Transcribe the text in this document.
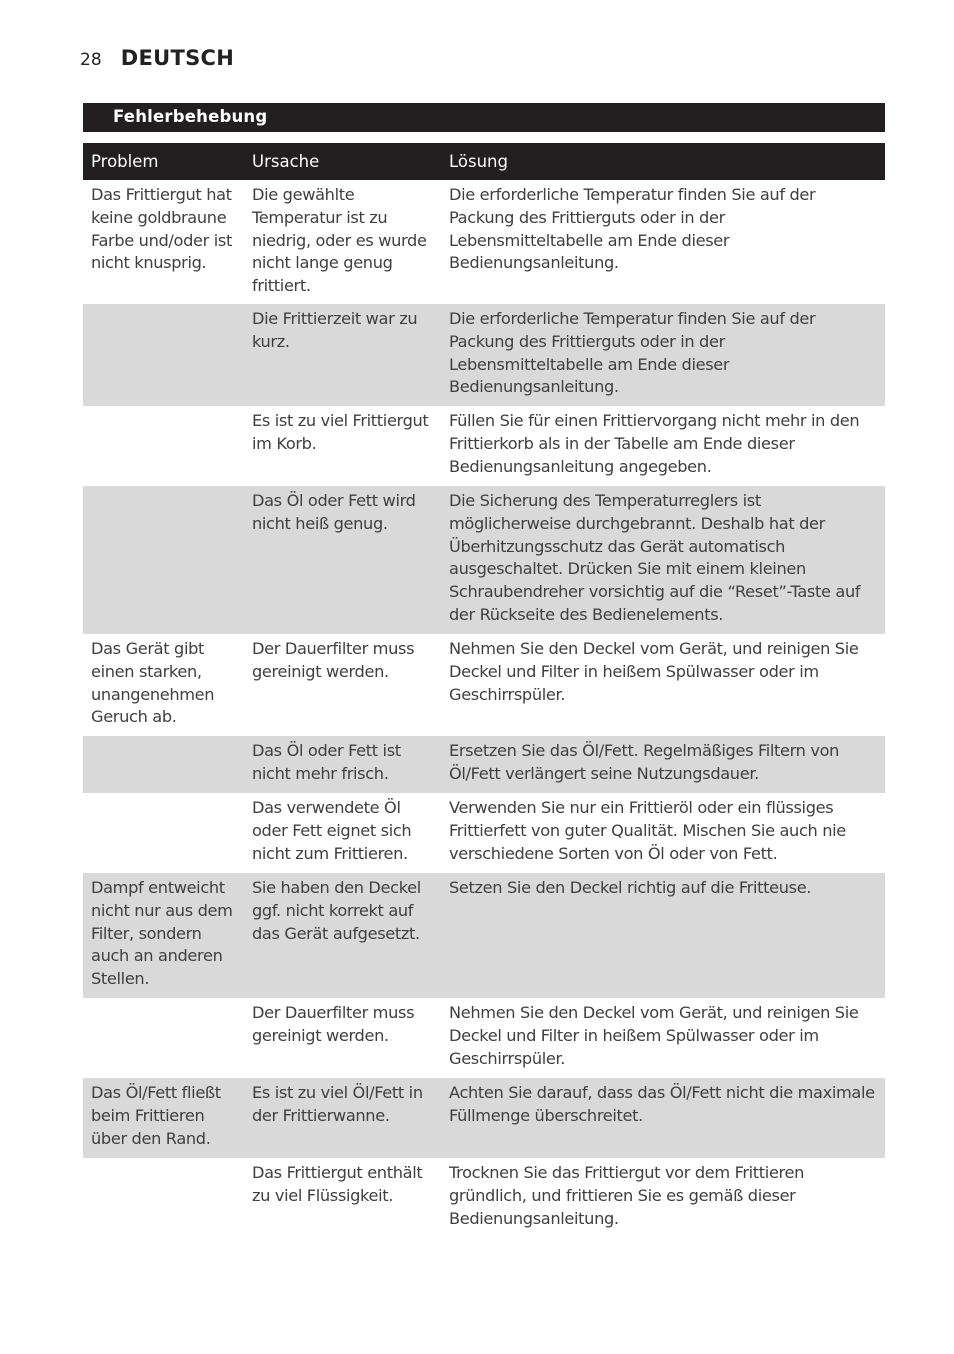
28 DEUTSCH
Fehlerbehebung
Problem	Ursache	Lösung
Das Frittiergut hat keine goldbraune Farbe und/oder ist nicht knusprig.	Die gewählte Temperatur ist zu niedrig, oder es wurde nicht lange genug frittiert.	Die erforderliche Temperatur finden Sie auf der Packung des Frittierguts oder in der Lebensmitteltabelle am Ende dieser Bedienungsanleitung.
	Die Frittierzeit war zu kurz.	Die erforderliche Temperatur finden Sie auf der Packung des Frittierguts oder in der Lebensmitteltabelle am Ende dieser Bedienungsanleitung.
	Es ist zu viel Frittiergut im Korb.	Füllen Sie für einen Frittiervorgang nicht mehr in den Frittierkorb als in der Tabelle am Ende dieser Bedienungsanleitung angegeben.
	Das Öl oder Fett wird nicht heiß genug.	Die Sicherung des Temperaturreglers ist möglicherweise durchgebrannt. Deshalb hat der Überhitzungsschutz das Gerät automatisch ausgeschaltet. Drücken Sie mit einem kleinen Schraubendreher vorsichtig auf die “Reset”-Taste auf der Rückseite des Bedienelements.
Das Gerät gibt einen starken, unangenehmen Geruch ab.	Der Dauerfilter muss gereinigt werden.	Nehmen Sie den Deckel vom Gerät, und reinigen Sie Deckel und Filter in heißem Spülwasser oder im Geschirrspüler.
	Das Öl oder Fett ist nicht mehr frisch.	Ersetzen Sie das Öl/Fett. Regelmäßiges Filtern von Öl/Fett verlängert seine Nutzungsdauer.
	Das verwendete Öl oder Fett eignet sich nicht zum Frittieren.	Verwenden Sie nur ein Frittieröl oder ein flüssiges Frittierfett von guter Qualität. Mischen Sie auch nie verschiedene Sorten von Öl oder von Fett.
Dampf entweicht nicht nur aus dem Filter, sondern auch an anderen Stellen.	Sie haben den Deckel ggf. nicht korrekt auf das Gerät aufgesetzt.	Setzen Sie den Deckel richtig auf die Fritteuse.
	Der Dauerfilter muss gereinigt werden.	Nehmen Sie den Deckel vom Gerät, und reinigen Sie Deckel und Filter in heißem Spülwasser oder im Geschirrspüler.
Das Öl/Fett fließt beim Frittieren über den Rand.	Es ist zu viel Öl/Fett in der Frittierwanne.	Achten Sie darauf, dass das Öl/Fett nicht die maximale Füllmenge überschreitet.
	Das Frittiergut enthält zu viel Flüssigkeit.	Trocknen Sie das Frittiergut vor dem Frittieren gründlich, und frittieren Sie es gemäß dieser Bedienungsanleitung.
